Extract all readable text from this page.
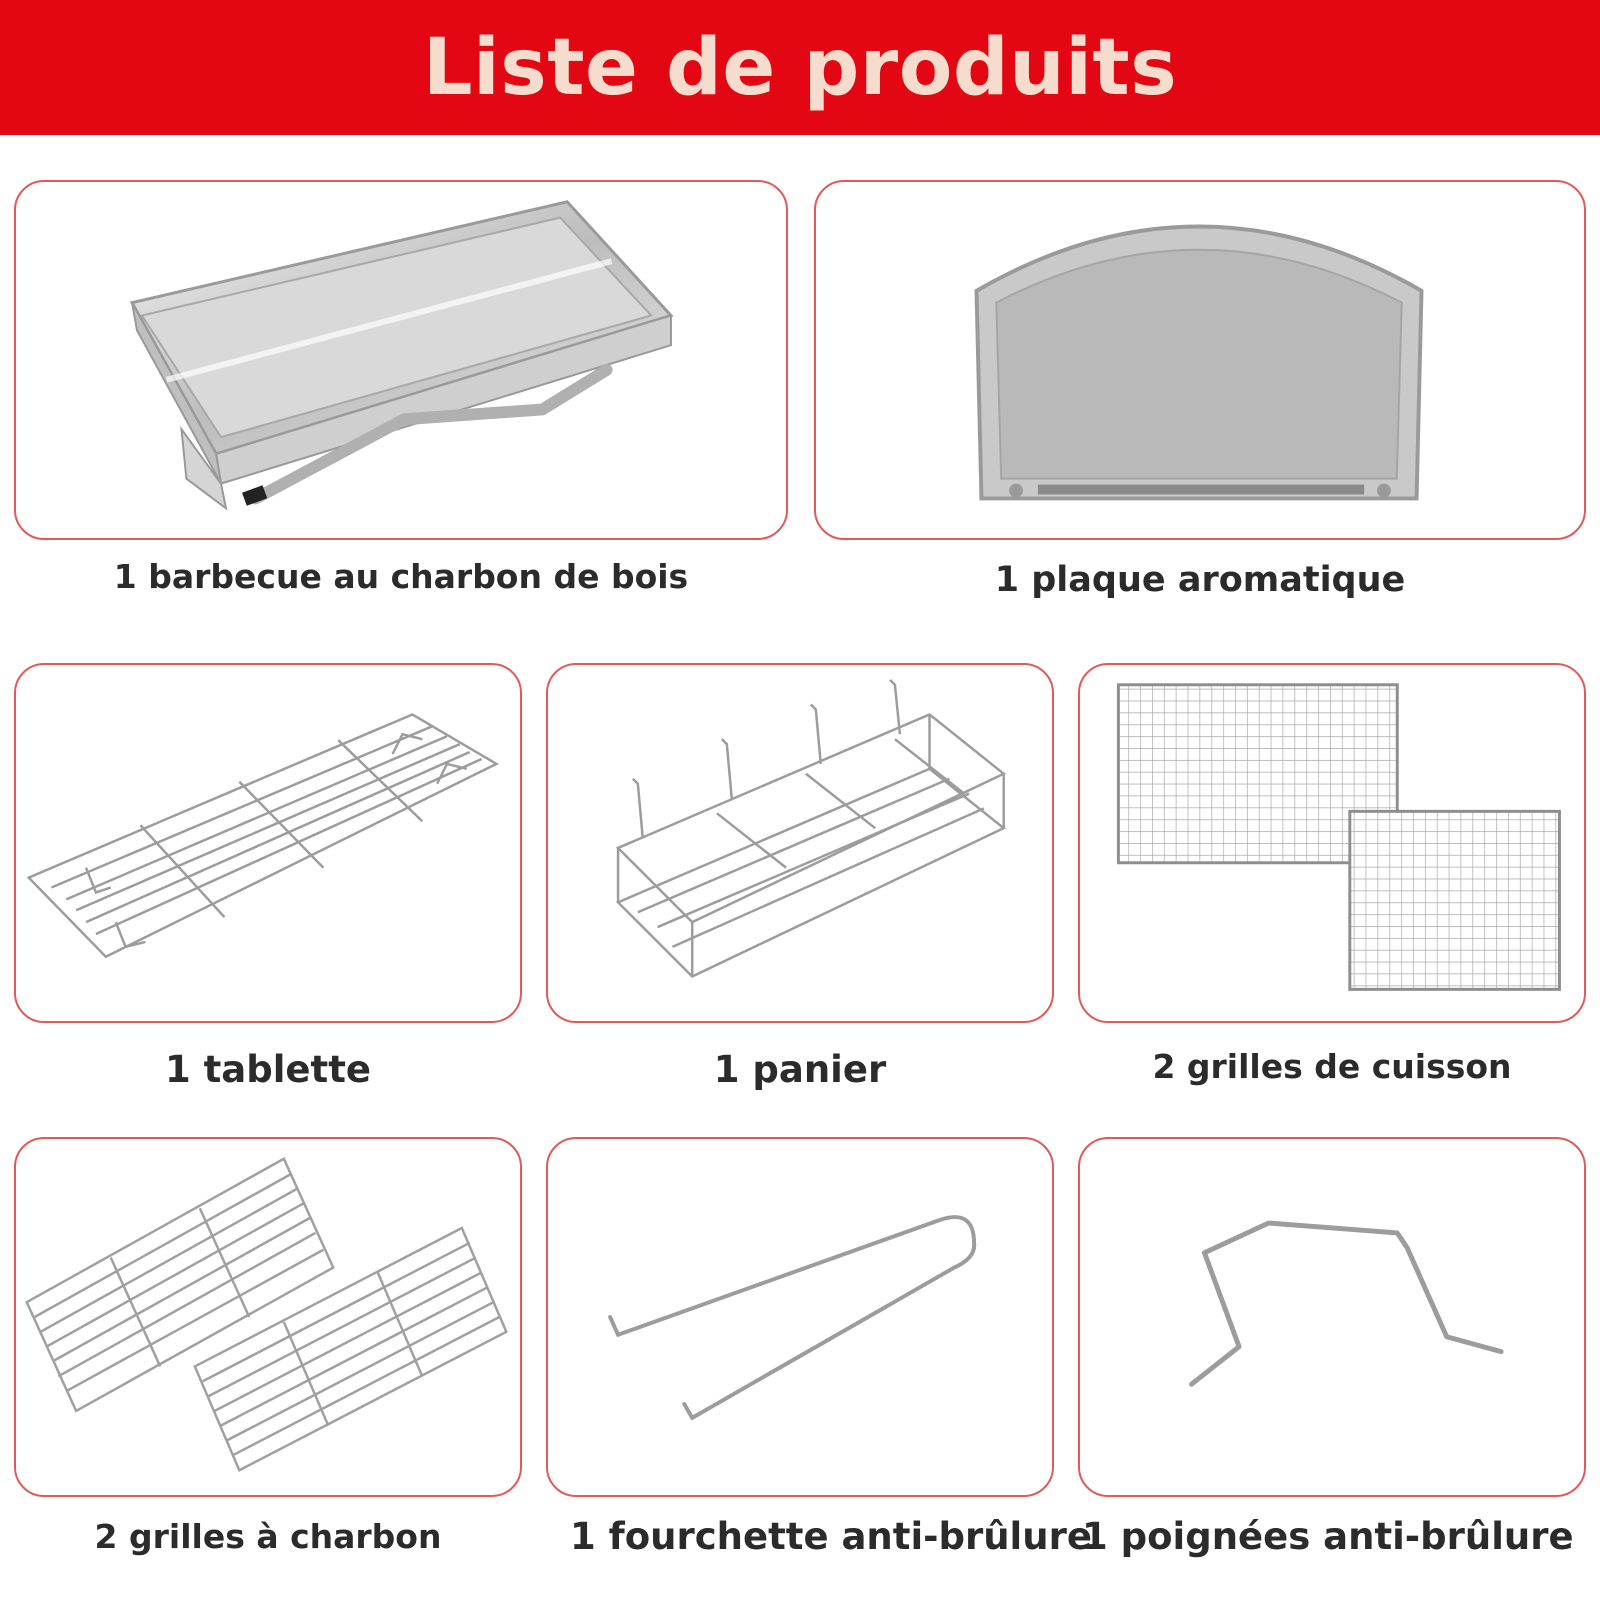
Liste de produits
1 barbecue au charbon de bois	1 plaque aromatique
1 tablette	1 panier	2 grilles de cuisson
2 grilles à charbon	1 fourchette anti-brûlure
1 poignées anti-brûlure
